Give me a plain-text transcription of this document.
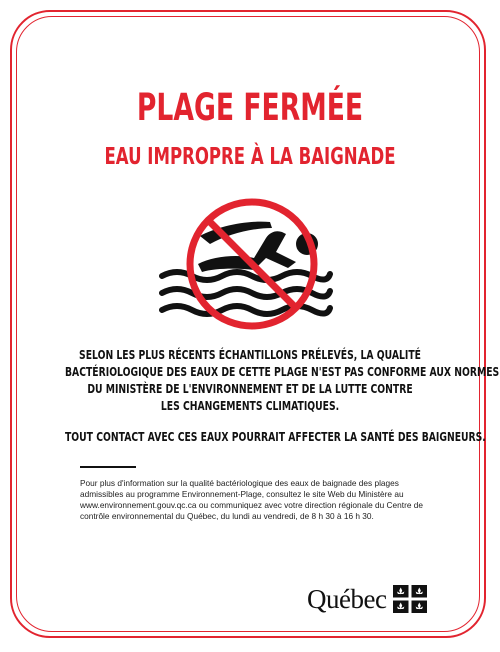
PLAGE FERMÉE
EAU IMPROPRE À LA BAIGNADE
SELON LES PLUS RÉCENTS ÉCHANTILLONS PRÉLEVÉS, LA QUALITÉ
BACTÉRIOLOGIQUE DES EAUX DE CETTE PLAGE N'EST PAS CONFORME AUX NORMES
DU MINISTÈRE DE L'ENVIRONNEMENT ET DE LA LUTTE CONTRE
LES CHANGEMENTS CLIMATIQUES.
TOUT CONTACT AVEC CES EAUX POURRAIT AFFECTER LA SANTÉ DES BAIGNEURS.
Pour plus d'information sur la qualité bactériologique des eaux de baignade des plages
admissibles au programme Environnement-Plage, consultez le site Web du Ministère au
www.environnement.gouv.qc.ca ou communiquez avec votre direction régionale du Centre de
contrôle environnemental du Québec, du lundi au vendredi, de 8 h 30 à 16 h 30.
Québec
